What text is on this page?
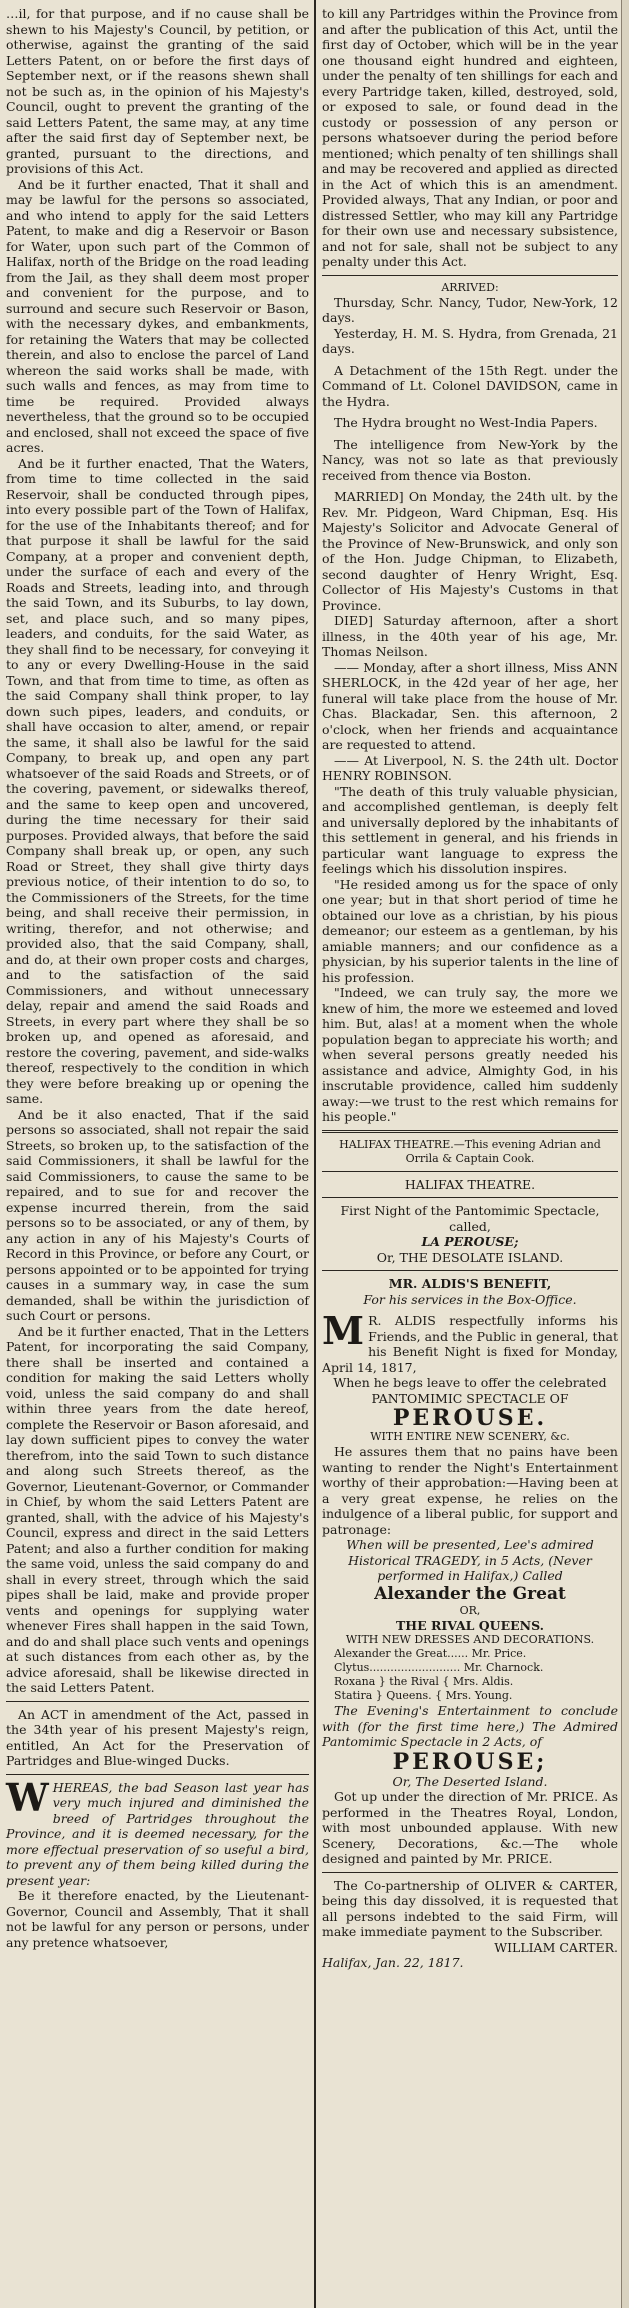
…il, for that purpose, and if no cause shall be shewn to his Majesty's Council, by petition, or otherwise, against the granting of the said Letters Patent, on or before the first days of September next, or if the reasons shewn shall not be such as, in the opinion of his Majesty's Council, ought to prevent the granting of the said Letters Patent, the same may, at any time after the said first day of September next, be granted, pursuant to the directions, and provisions of this Act.

And be it further enacted, That it shall and may be lawful for the persons so associated, and who intend to apply for the said Letters Patent, to make and dig a Reservoir or Bason for Water, upon such part of the Common of Halifax, north of the Bridge on the road leading from the Jail, as they shall deem most proper and convenient for the purpose, and to surround and secure such Reservoir or Bason, with the necessary dykes, and embankments, for retaining the Waters that may be collected therein, and also to enclose the parcel of Land whereon the said works shall be made, with such walls and fences, as may from time to time be required. Provided always nevertheless, that the ground so to be occupied and enclosed, shall not exceed the space of five acres.

And be it further enacted, That the Waters, from time to time collected in the said Reservoir, shall be conducted through pipes, into every possible part of the Town of Halifax, for the use of the Inhabitants thereof; and for that purpose it shall be lawful for the said Company, at a proper and convenient depth, under the surface of each and every of the Roads and Streets, leading into, and through the said Town, and its Suburbs, to lay down, set, and place such, and so many pipes, leaders, and conduits, for the said Water, as they shall find to be necessary, for conveying it to any or every Dwelling-House in the said Town, and that from time to time, as often as the said Company shall think proper, to lay down such pipes, leaders, and conduits, or shall have occasion to alter, amend, or repair the same, it shall also be lawful for the said Company, to break up, and open any part whatsoever of the said Roads and Streets, or of the covering, pavement, or sidewalks thereof, and the same to keep open and uncovered, during the time necessary for their said purposes. Provided always, that before the said Company shall break up, or open, any such Road or Street, they shall give thirty days previous notice, of their intention to do so, to the Commissioners of the Streets, for the time being, and shall receive their permission, in writing, therefor, and not otherwise; and provided also, that the said Company, shall, and do, at their own proper costs and charges, and to the satisfaction of the said Commissioners, and without unnecessary delay, repair and amend the said Roads and Streets, in every part where they shall be so broken up, and opened as aforesaid, and restore the covering, pavement, and side-walks thereof, respectively to the condition in which they were before breaking up or opening the same.

And be it also enacted, That if the said persons so associated, shall not repair the said Streets, so broken up, to the satisfaction of the said Commissioners, it shall be lawful for the said Commissioners, to cause the same to be repaired, and to sue for and recover the expense incurred therein, from the said persons so to be associated, or any of them, by any action in any of his Majesty's Courts of Record in this Province, or before any Court, or persons appointed or to be appointed for trying causes in a summary way, in case the sum demanded, shall be within the jurisdiction of such Court or persons.

And be it further enacted, That in the Letters Patent, for incorporating the said Company, there shall be inserted and contained a condition for making the said Letters wholly void, unless the said company do and shall within three years from the date hereof, complete the Reservoir or Bason aforesaid, and lay down sufficient pipes to convey the water therefrom, into the said Town to such distance and along such Streets thereof, as the Governor, Lieutenant-Governor, or Commander in Chief, by whom the said Letters Patent are granted, shall, with the advice of his Majesty's Council, express and direct in the said Letters Patent; and also a further condition for making the same void, unless the said company do and shall in every street, through which the said pipes shall be laid, make and provide proper vents and openings for supplying water whenever Fires shall happen in the said Town, and do and shall place such vents and openings at such distances from each other as, by the advice aforesaid, shall be likewise directed in the said Letters Patent.

An ACT in amendment of the Act, passed in the 34th year of his present Majesty's reign, entitled, An Act for the Preservation of Partridges and Blue-winged Ducks.

WHEREAS, the bad Season last year has very much injured and diminished the breed of Partridges throughout the Province, and it is deemed necessary, for the more effectual preservation of so useful a bird, to prevent any of them being killed during the present year:

Be it therefore enacted, by the Lieutenant-Governor, Council and Assembly, That it shall not be lawful for any person or persons, under any pretence whatsoever,

to kill any Partridges within the Province from and after the publication of this Act, until the first day of October, which will be in the year one thousand eight hundred and eighteen, under the penalty of ten shillings for each and every Partridge taken, killed, destroyed, sold, or exposed to sale, or found dead in the custody or possession of any person or persons whatsoever during the period before mentioned; which penalty of ten shillings shall and may be recovered and applied as directed in the Act of which this is an amendment. Provided always, That any Indian, or poor and distressed Settler, who may kill any Partridge for their own use and necessary subsistence, and not for sale, shall not be subject to any penalty under this Act.

ARRIVED:

Thursday, Schr. Nancy, Tudor, New-York, 12 days.

Yesterday, H. M. S. Hydra, from Grenada, 21 days.

A Detachment of the 15th Regt. under the Command of Lt. Colonel DAVIDSON, came in the Hydra.

The Hydra brought no West-India Papers.

The intelligence from New-York by the Nancy, was not so late as that previously received from thence via Boston.

MARRIED] On Monday, the 24th ult. by the Rev. Mr. Pidgeon, Ward Chipman, Esq. His Majesty's Solicitor and Advocate General of the Province of New-Brunswick, and only son of the Hon. Judge Chipman, to Elizabeth, second daughter of Henry Wright, Esq. Collector of His Majesty's Customs in that Province.

DIED] Saturday afternoon, after a short illness, in the 40th year of his age, Mr. Thomas Neilson.

—— Monday, after a short illness, Miss ANN SHERLOCK, in the 42d year of her age, her funeral will take place from the house of Mr. Chas. Blackadar, Sen. this afternoon, 2 o'clock, when her friends and acquaintance are requested to attend.

—— At Liverpool, N. S. the 24th ult. Doctor HENRY ROBINSON.

"The death of this truly valuable physician, and accomplished gentleman, is deeply felt and universally deplored by the inhabitants of this settlement in general, and his friends in particular want language to express the feelings which his dissolution inspires.

"He resided among us for the space of only one year; but in that short period of time he obtained our love as a christian, by his pious demeanor; our esteem as a gentleman, by his amiable manners; and our confidence as a physician, by his superior talents in the line of his profession.

"Indeed, we can truly say, the more we knew of him, the more we esteemed and loved him. But, alas! at a moment when the whole population began to appreciate his worth; and when several persons greatly needed his assistance and advice, Almighty God, in his inscrutable providence, called him suddenly away:—we trust to the rest which remains for his people."

HALIFAX THEATRE.—This evening Adrian and Orrila & Captain Cook.

HALIFAX THEATRE.

First Night of the Pantomimic Spectacle, called,

LA PEROUSE;

Or, THE DESOLATE ISLAND.

MR. ALDIS'S BENEFIT,

For his services in the Box-Office.

M R. ALDIS respectfully informs his Friends, and the Public in general, that his Benefit Night is fixed for Monday, April 14, 1817,

When he begs leave to offer the celebrated PANTOMIMIC SPECTACLE OF

PEROUSE.

WITH ENTIRE NEW SCENERY, &c.

He assures them that no pains have been wanting to render the Night's Entertainment worthy of their approbation:—Having been at a very great expense, he relies on the indulgence of a liberal public, for support and patronage:

When will be presented, Lee's admired Historical TRAGEDY, in 5 Acts, (Never performed in Halifax,) Called

Alexander the Great

OR,

THE RIVAL QUEENS.

WITH NEW DRESSES AND DECORATIONS.

Alexander the Great...... Mr. Price.
Clytus.......................... Mr. Charnock.
Roxana } the Rival { Mrs. Aldis.
Statira } Queens. { Mrs. Young.

The Evening's Entertainment to conclude with (for the first time here,) The Admired Pantomimic Spectacle in 2 Acts, of

PEROUSE;

Or, The Deserted Island.

Got up under the direction of Mr. PRICE. As performed in the Theatres Royal, London, with most unbounded applause. With new Scenery, Decorations, &c.—The whole designed and painted by Mr. PRICE.

The Co-partnership of OLIVER & CARTER, being this day dissolved, it is requested that all persons indebted to the said Firm, will make immediate payment to the Subscriber.

WILLIAM CARTER.

Halifax, Jan. 22, 1817.
